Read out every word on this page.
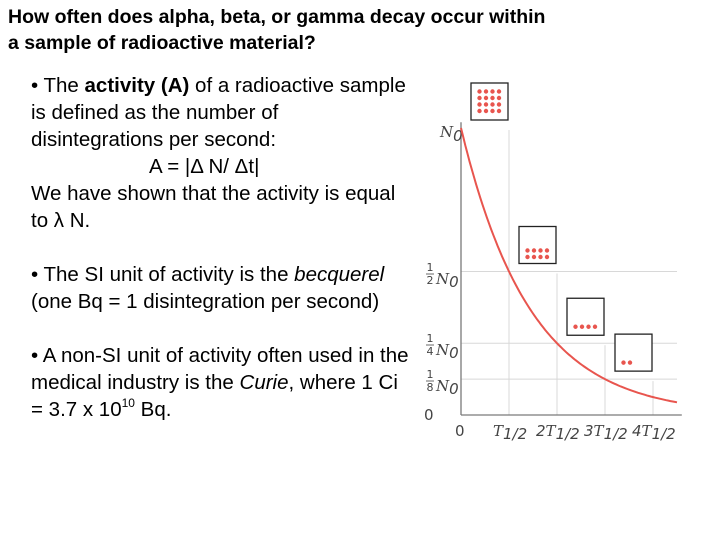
How often does alpha, beta, or gamma decay occur within
a sample of radioactive material?

• The activity (A) of a radioactive sample is defined as the number of disintegrations per second:
A = |Δ N/ Δt|
We have shown that the activity is equal to λ N.

• The SI unit of activity is the becquerel (one Bq = 1 disintegration per second)

• A non-SI unit of activity often used in the medical industry is the Curie, where 1 Ci = 3.7 x $10^{10}$ Bq.

N0
1
2 N0
1
4 N0
1
8 N0
0
0 T1/2 2T1/2 3T1/2 4T1/2
